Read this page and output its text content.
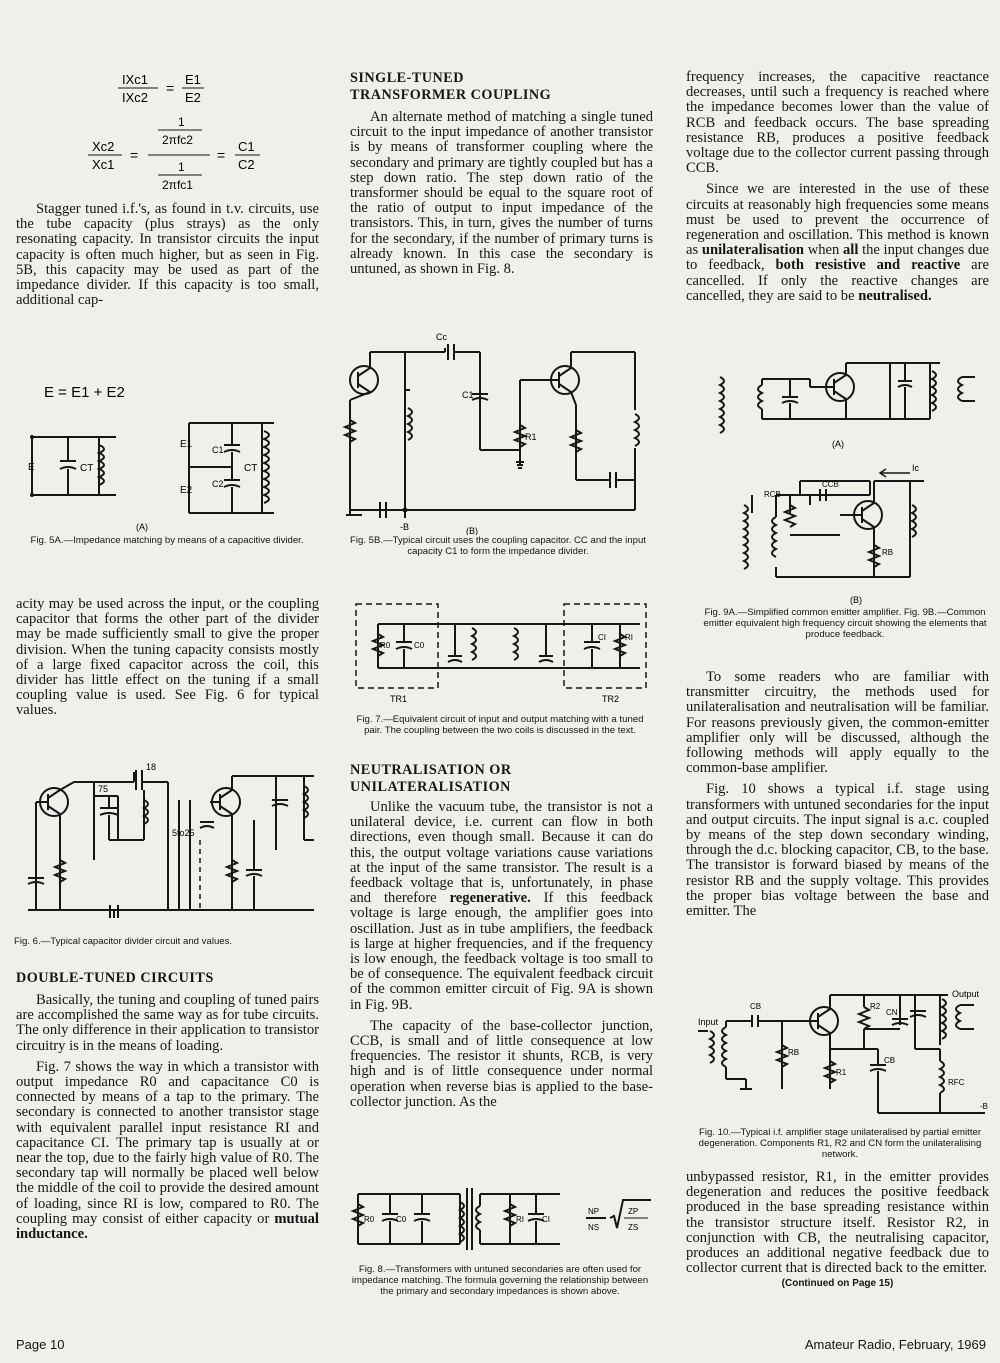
IXc1
IXc2
=
E1
E2
Xc2
Xc1
=
1
2πfc2
1
2πfc1
=
C1
C2

Stagger tuned i.f.'s, as found in t.v. circuits, use the tube capacity (plus strays) as the only resonating capacity. In transistor circuits the input capacity is often much higher, but as seen in Fig. 5B, this capacity may be used as part of the impedance divider. If this capacity is too small, additional cap-

E = E1 + E2
E	CT
E1
E2
C1
C2
CT
(A)
Fig. 5A.—Impedance matching by means of a capacitive divider.

acity may be used across the input, or the coupling capacitor that forms the other part of the divider may be made sufficiently small to give the proper division. When the tuning capacity consists mostly of a large fixed capacitor across the coil, this divider has little effect on the tuning if a small coupling value is used. See Fig. 6 for typical values.

18
75
5to25
Fig. 6.—Typical capacitor divider circuit and values.
DOUBLE-TUNED CIRCUITS

Basically, the tuning and coupling of tuned pairs are accomplished the same way as for tube circuits. The only difference in their application to transistor circuitry is in the means of loading.

Fig. 7 shows the way in which a transistor with output impedance R0 and capacitance C0 is connected by means of a tap to the primary. The secondary is connected to another transistor stage with equivalent parallel input resistance RI and capacitance CI. The primary tap is usually at or near the top, due to the fairly high value of R0. The secondary tap will normally be placed well below the middle of the coil to provide the desired amount of loading, since RI is low, compared to R0. The coupling may consist of either capacity or mutual inductance.

SINGLE-TUNED
TRANSFORMER COUPLING

An alternate method of matching a single tuned circuit to the input impedance of another transistor is by means of transformer coupling where the secondary and primary are tightly coupled but has a step down ratio. The step down ratio of the transformer should be equal to the square root of the ratio of output to input impedance of the transistors. This, in turn, gives the number of turns for the secondary, if the number of primary turns is already known. In this case the secondary is untuned, as shown in Fig. 8.

Cc
C1
R1
-B	(B)
Fig. 5B.—Typical circuit uses the coupling capacitor. CC and the input capacity C1 to form the impedance divider.
R0	C0
CI RI
TR1	TR2
Fig. 7.—Equivalent circuit of input and output matching with a tuned pair. The coupling between the two coils is discussed in the text.
NEUTRALISATION OR
UNILATERALISATION

Unlike the vacuum tube, the transistor is not a unilateral device, i.e. current can flow in both directions, even though small. Because it can do this, the output voltage variations cause variations at the input of the same transistor. The result is a feedback voltage that is, unfortunately, in phase and therefore regenerative. If this feedback voltage is large enough, the amplifier goes into oscillation. Just as in tube amplifiers, the feedback is large at higher frequencies, and if the frequency is low enough, the feedback voltage is too small to be of consequence. The equivalent feedback circuit of the common emitter circuit of Fig. 9A is shown in Fig. 9B.

The capacity of the base-collector junction, CCB, is small and of little consequence at low frequencies. The resistor it shunts, RCB, is very high and is of little consequence under normal operation when reverse bias is applied to the base-collector junction. As the

R0	C0	RI CI
NP
NS
ZP
ZS
Fig. 8.—Transformers with untuned secondaries are often used for impedance matching. The formula governing the relationship between the primary and secondary impedances is shown above.

frequency increases, the capacitive reactance decreases, until such a frequency is reached where the impedance becomes lower than the value of RCB and feedback occurs. The base spreading resistance RB, produces a positive feedback voltage due to the collector current passing through CCB.

Since we are interested in the use of these circuits at reasonably high frequencies some means must be used to prevent the occurrence of regeneration and oscillation. This method is known as unilateralisation when all the input changes due to feedback, both resistive and reactive are cancelled. If only the reactive changes are cancelled, they are said to be neutralised.

(A)
Ic
RCB
CCB
RB
(B)
Fig. 9A.—Simplified common emitter amplifier. Fig. 9B.—Common emitter equivalent high frequency circuit showing the elements that produce feedback.

To some readers who are familiar with transmitter circuitry, the methods used for unilateralisation and neutralisation will be familiar. For reasons previously given, the common-emitter amplifier only will be discussed, although the following methods will apply equally to the common-base amplifier.

Fig. 10 shows a typical i.f. stage using transformers with untuned secondaries for the input and output circuits. The input signal is a.c. coupled by means of the step down secondary winding, through the d.c. blocking capacitor, CB, to the base. The transistor is forward biased by means of the resistor RB and the supply voltage. This provides the proper bias voltage between the base and emitter. The

Input
Output
CB
RB
R1
R2
CN
CB
RFC
-B
Fig. 10.—Typical i.f. amplifier stage unilateralised by partial emitter degeneration. Components R1, R2 and CN form the unilateralising network.

unbypassed resistor, R1, in the emitter provides degeneration and reduces the positive feedback produced in the base spreading resistance within the transistor structure itself. Resistor R2, in conjunction with CB, the neutralising capacitor, produces an additional negative feedback due to collector current that is directed back to the emitter.

(Continued on Page 15)
Page 10	Amateur Radio, February, 1969
